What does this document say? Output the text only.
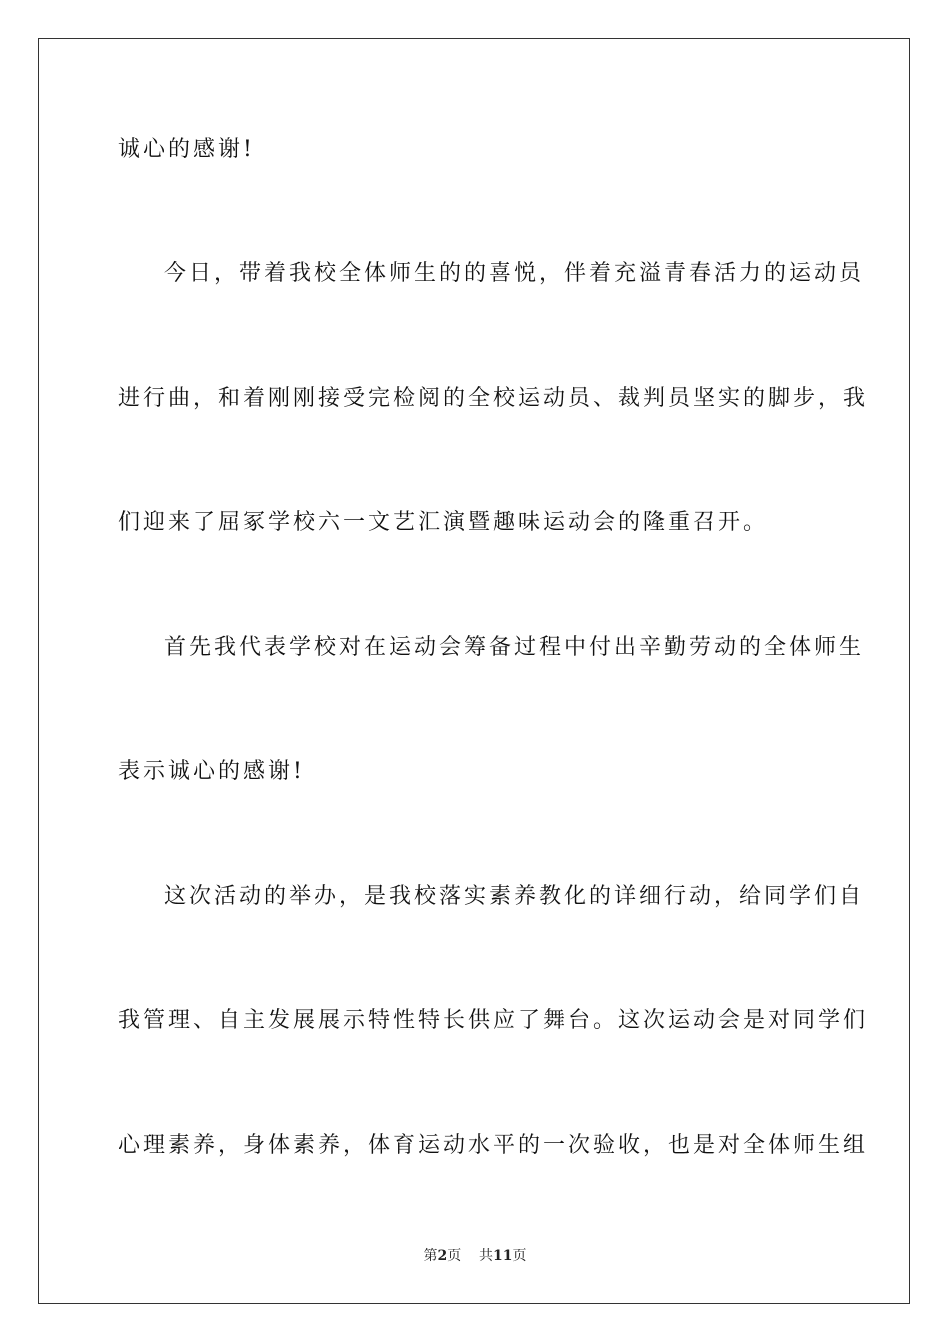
诚心的感谢!
今日，带着我校全体师生的的喜悦，伴着充溢青春活力的运动员
进行曲，和着刚刚接受完检阅的全校运动员、裁判员坚实的脚步，我
们迎来了屈冢学校六一文艺汇演暨趣味运动会的隆重召开。
首先我代表学校对在运动会筹备过程中付出辛勤劳动的全体师生
表示诚心的感谢!
这次活动的举办，是我校落实素养教化的详细行动，给同学们自
我管理、自主发展展示特性特长供应了舞台。这次运动会是对同学们
心理素养，身体素养，体育运动水平的一次验收，也是对全体师生组
第2页 共11页
